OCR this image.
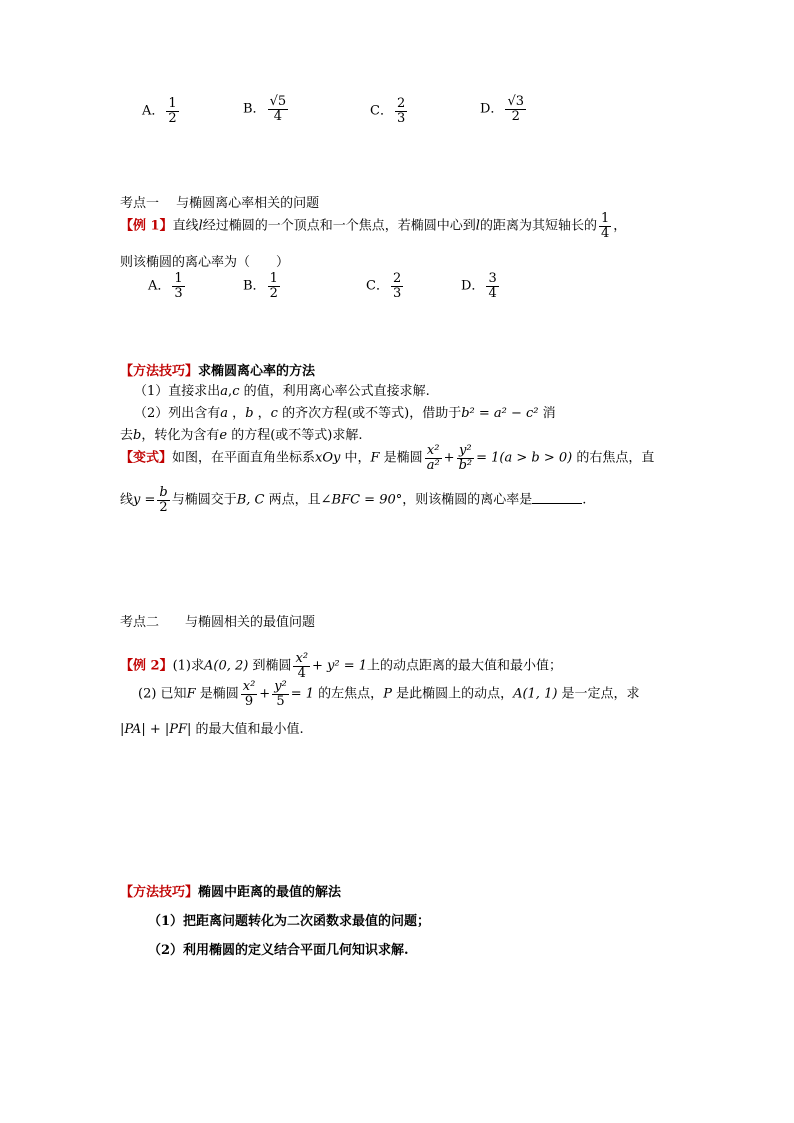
A． $\frac{1}{2}$	B． $\frac{√5}{4}$	C． $\frac{2}{3}$	D． $\frac{√3}{2}$
考点一　 与椭圆离心率相关的问题
【例 1】直线l经过椭圆的一个顶点和一个焦点，若椭圆中心到l的距离为其短轴长的 $\frac{1}{4}$ ，
则该椭圆的离心率为（　　）
A． $\frac{1}{3}$	B． $\frac{1}{2}$	C． $\frac{2}{3}$	D． $\frac{3}{4}$
【方法技巧】求椭圆离心率的方法
（1）直接求出a,c 的值，利用离心率公式直接求解.
（2）列出含有a ，b ，c 的齐次方程(或不等式)，借助于b² = a² − c² 消
去b，转化为含有e 的方程(或不等式)求解.
【变式】如图，在平面直角坐标系xOy 中，F 是椭圆 $\frac{\text{x²}}{\text{a²}} + \frac{\text{y²}}{\text{b²}} = 1(a > b > 0)$ 的右焦点，直
线$y = \frac{b}{2}$ 与椭圆交于B, C 两点，且∠BFC = 90°，则该椭圆的离心率是	.
考点二　　与椭圆相关的最值问题
【例 2】(1)求A(0, 2) 到椭圆 $\frac{\text{x²}}{4} + y^2 = 1$上的动点距离的最大值和最小值；
(2) 已知F 是椭圆 $\frac{\text{x²}}{9} + \frac{\text{y²}}{5} = 1$ 的左焦点，P 是此椭圆上的动点，A(1, 1) 是一定点，求
|PA| + |PF| 的最大值和最小值.
【方法技巧】椭圆中距离的最值的解法
（1）把距离问题转化为二次函数求最值的问题；
（2）利用椭圆的定义结合平面几何知识求解.
